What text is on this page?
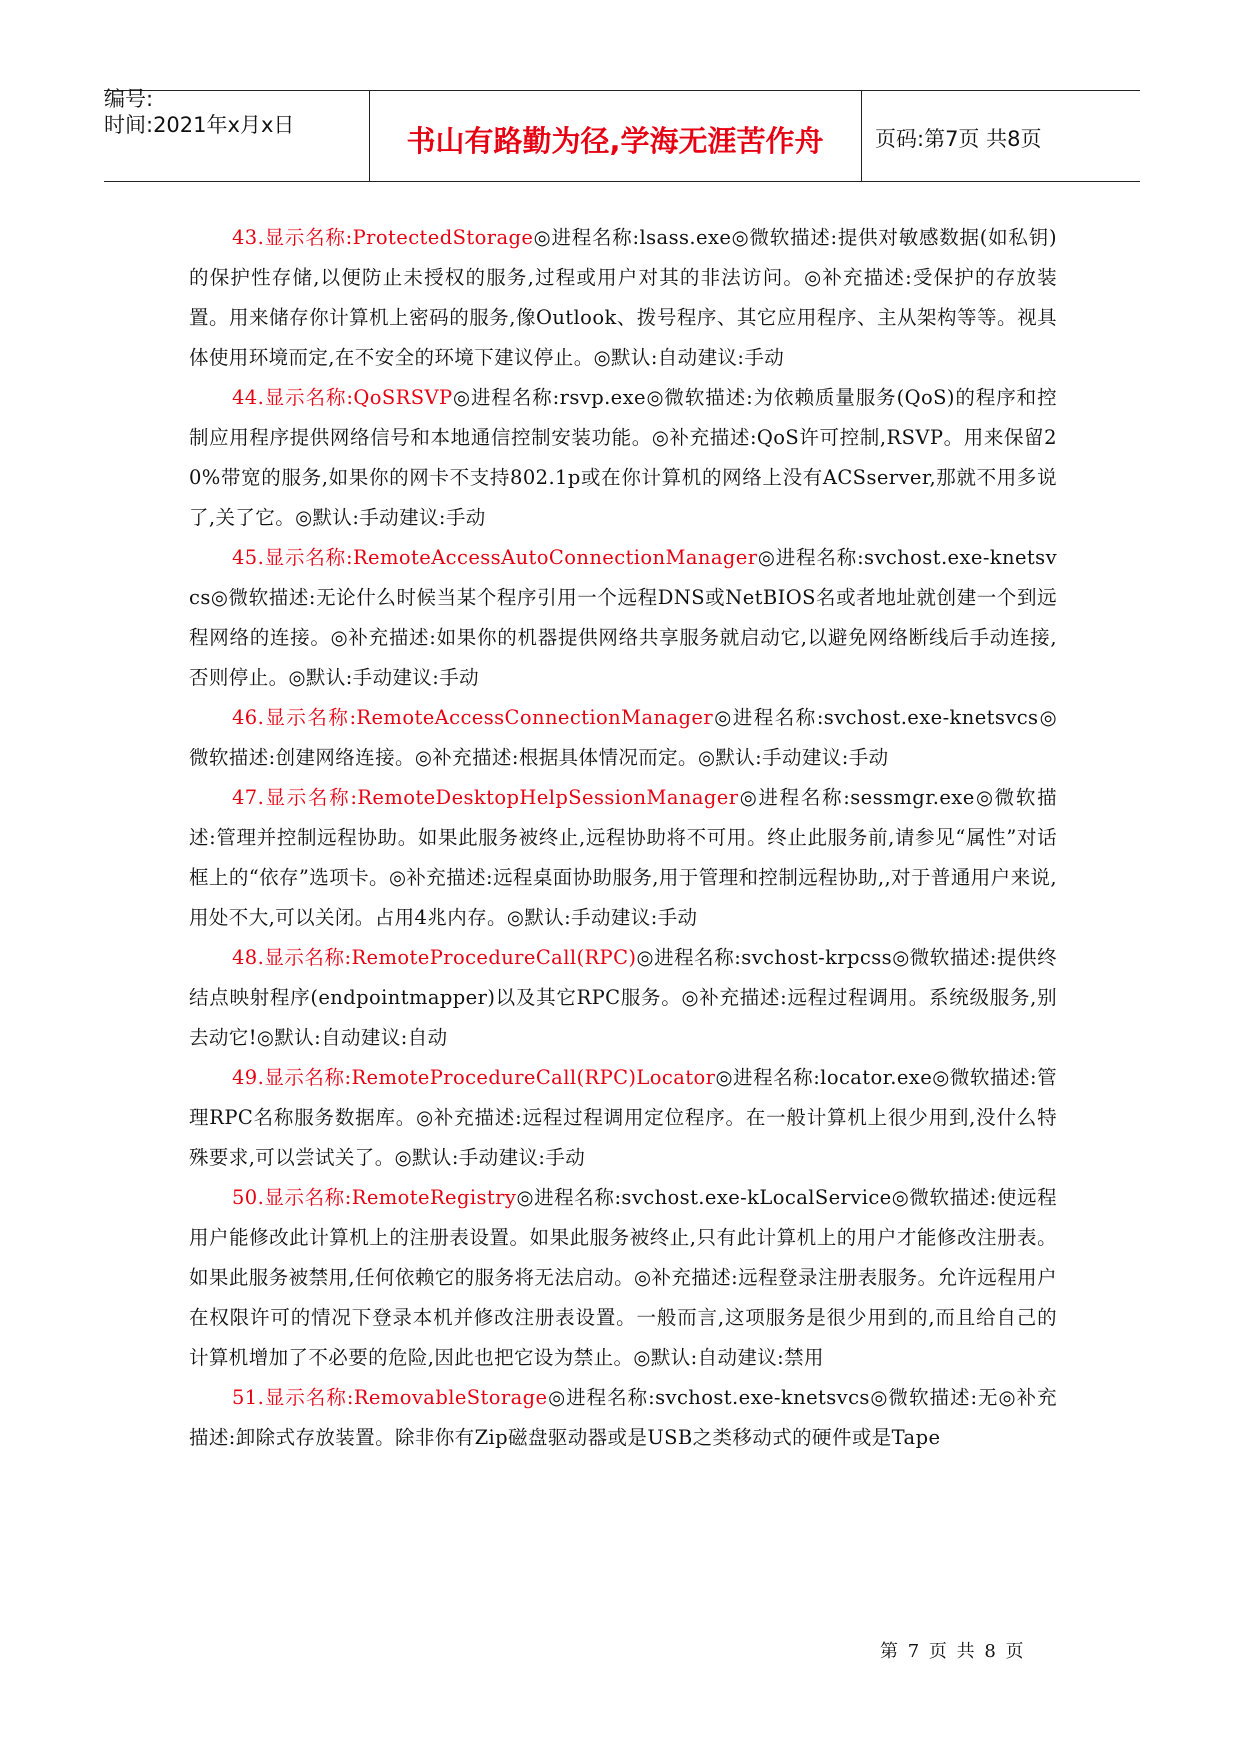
编号:
时间:2021年x月x日	书山有路勤为径,学海无涯苦作舟	页码:第7页 共8页

43.显示名称:ProtectedStorage◎进程名称:lsass.exe◎微软描述:提供对敏感数据(如私钥)的保护性存储,以便防止未授权的服务,过程或用户对其的非法访问。◎补充描述:受保护的存放装置。用来储存你计算机上密码的服务,像Outlook、拨号程序、其它应用程序、主从架构等等。视具体使用环境而定,在不安全的环境下建议停止。◎默认:自动建议:手动

44.显示名称:QoSRSVP◎进程名称:rsvp.exe◎微软描述:为依赖质量服务(QoS)的程序和控制应用程序提供网络信号和本地通信控制安装功能。◎补充描述:QoS许可控制,RSVP。用来保留20%带宽的服务,如果你的网卡不支持802.1p或在你计算机的网络上没有ACSserver,那就不用多说了,关了它。◎默认:手动建议:手动

45.显示名称:RemoteAccessAutoConnectionManager◎进程名称:svchost.exe-knetsvcs◎微软描述:无论什么时候当某个程序引用一个远程DNS或NetBIOS名或者地址就创建一个到远程网络的连接。◎补充描述:如果你的机器提供网络共享服务就启动它,以避免网络断线后手动连接,否则停止。◎默认:手动建议:手动

46.显示名称:RemoteAccessConnectionManager◎进程名称:svchost.exe-knetsvcs◎微软描述:创建网络连接。◎补充描述:根据具体情况而定。◎默认:手动建议:手动

47.显示名称:RemoteDesktopHelpSessionManager◎进程名称:sessmgr.exe◎微软描述:管理并控制远程协助。如果此服务被终止,远程协助将不可用。终止此服务前,请参见“属性”对话框上的“依存”选项卡。◎补充描述:远程桌面协助服务,用于管理和控制远程协助,,对于普通用户来说,用处不大,可以关闭。占用4兆内存。◎默认:手动建议:手动

48.显示名称:RemoteProcedureCall(RPC)◎进程名称:svchost-krpcss◎微软描述:提供终结点映射程序(endpointmapper)以及其它RPC服务。◎补充描述:远程过程调用。系统级服务,别去动它!◎默认:自动建议:自动

49.显示名称:RemoteProcedureCall(RPC)Locator◎进程名称:locator.exe◎微软描述:管理RPC名称服务数据库。◎补充描述:远程过程调用定位程序。在一般计算机上很少用到,没什么特殊要求,可以尝试关了。◎默认:手动建议:手动

50.显示名称:RemoteRegistry◎进程名称:svchost.exe-kLocalService◎微软描述:使远程用户能修改此计算机上的注册表设置。如果此服务被终止,只有此计算机上的用户才能修改注册表。如果此服务被禁用,任何依赖它的服务将无法启动。◎补充描述:远程登录注册表服务。允许远程用户在权限许可的情况下登录本机并修改注册表设置。一般而言,这项服务是很少用到的,而且给自己的计算机增加了不必要的危险,因此也把它设为禁止。◎默认:自动建议:禁用

51.显示名称:RemovableStorage◎进程名称:svchost.exe-knetsvcs◎微软描述:无◎补充描述:卸除式存放装置。除非你有Zip磁盘驱动器或是USB之类移动式的硬件或是Tape

第 7 页 共 8 页
